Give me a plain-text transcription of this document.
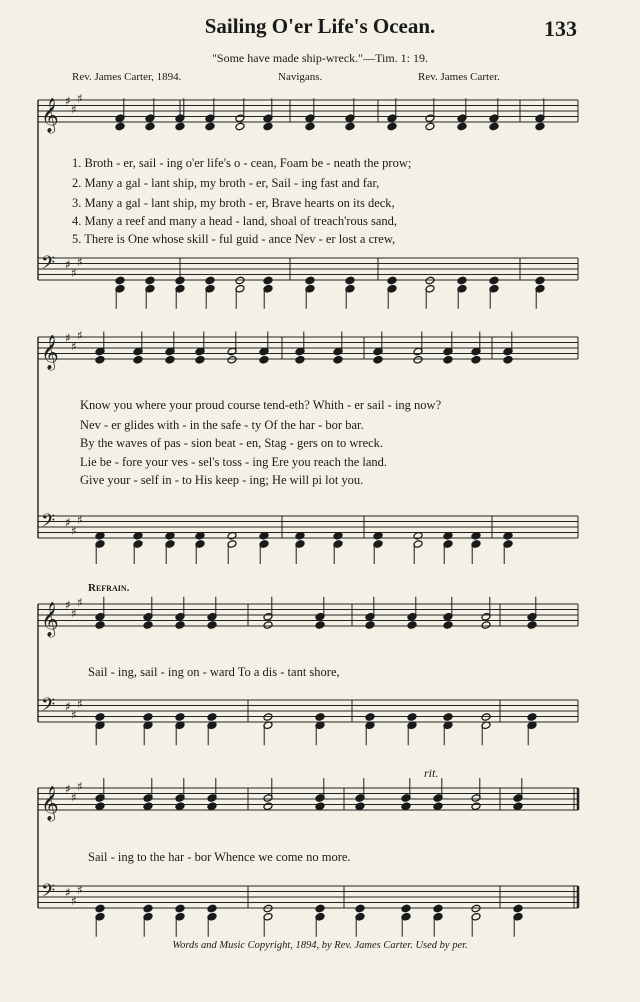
Sailing O'er Life's Ocean.	133
"Some have made ship-wreck."—Tim. 1: 19.
Rev. James Carter, 1894.	Navigans.	Rev. James Carter.
1. Broth - er, sail - ing o'er life's o - cean, Foam be - neath the prow;
2. Many a gal - lant ship, my broth - er, Sail - ing fast and far,
3. Many a gal - lant ship, my broth - er, Brave hearts on its deck,
4. Many a reef and many a head - land, shoal of treach'rous sand,
5. There is One whose skill - ful guid - ance Nev - er lost a crew,
Know you where your proud course tend-eth? Whith - er sail - ing now?
Nev - er glides with - in the safe - ty Of the har - bor bar.
By the waves of pas - sion beat - en, Stag - gers on to wreck.
Lie be - fore your ves - sel's toss - ing Ere you reach the land.
Give your - self in - to His keep - ing; He will pi lot you.
Refrain.
Sail - ing, sail - ing on - ward To a dis - tant shore,
rit.
Sail - ing to the har - bor Whence we come no more.
Words and Music Copyright, 1894, by Rev. James Carter. Used by per.
𝄞 ♯
♯
♯
𝄢 ♯
♯
♯
𝄞 ♯
♯
♯
𝄢 ♯
♯
♯
𝄞 ♯
♯
♯
𝄢 ♯
♯
♯
𝄞 ♯
♯
♯
𝄢 ♯
♯
♯
